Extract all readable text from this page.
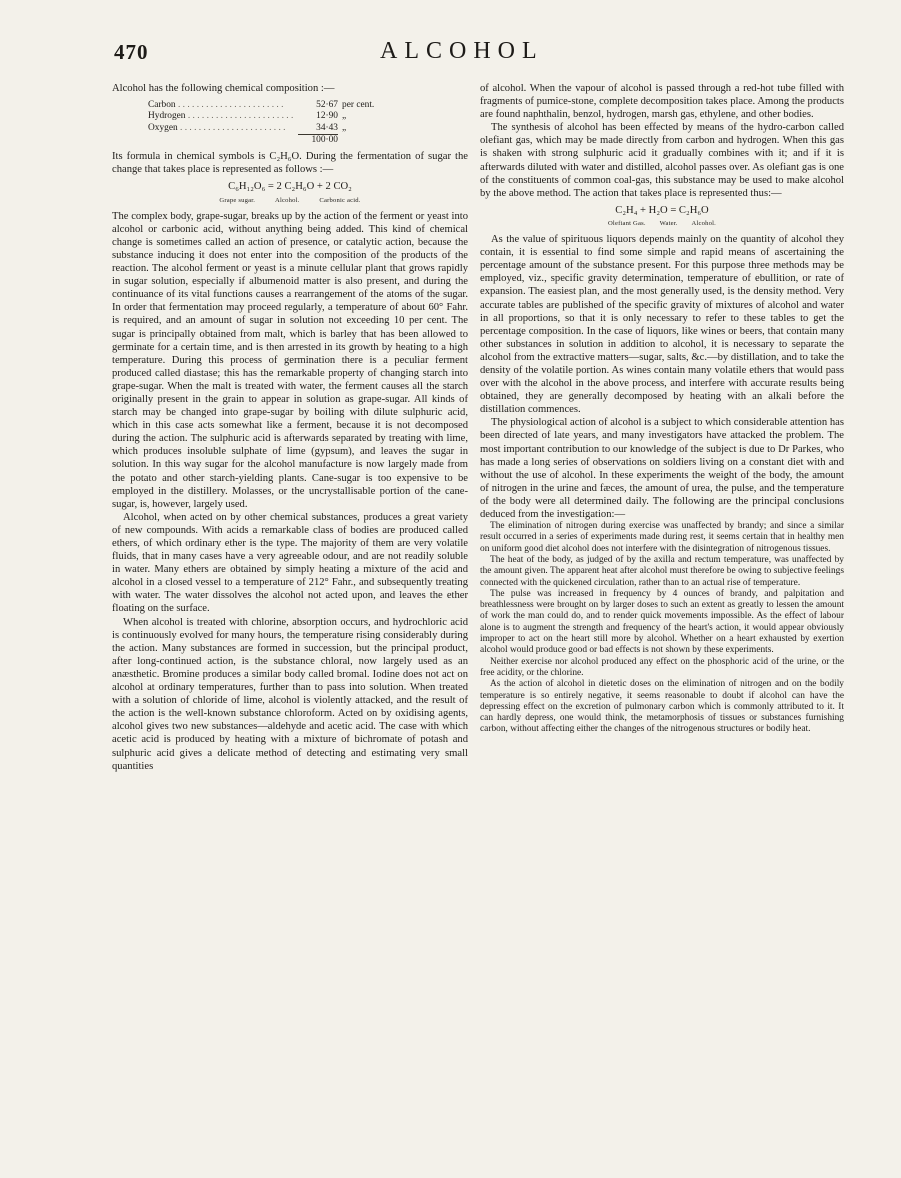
470	ALCOHOL

Alcohol has the following chemical composition :—

Carbon . . .	52·67 per cent.
Hydrogen . . .	12·90 „
Oxygen . . .	34·43 „
100·00

Its formula in chemical symbols is C₂H₆O. During the fermentation of sugar the change that takes place is represented as follows :—

C₆H₁₂O₆ = 2 C₂H₆O + 2 CO₂
Grape sugar.	Alcohol.	Carbonic acid.

The complex body, grape-sugar, breaks up by the action of the ferment or yeast into alcohol or carbonic acid, without anything being added. This kind of chemical change is sometimes called an action of presence, or catalytic action, because the substance inducing it does not enter into the composition of the products of the reaction. The alcohol ferment or yeast is a minute cellular plant that grows rapidly in sugar solution, especially if albumenoid matter is also present, and during the continuance of its vital functions causes a rearrangement of the atoms of the sugar. In order that fermentation may proceed regularly, a temperature of about 60° Fahr. is required, and an amount of sugar in solution not exceeding 10 per cent. The sugar is principally obtained from malt, which is barley that has been allowed to germinate for a certain time, and is then arrested in its growth by heating to a high temperature. During this process of germination there is a peculiar ferment produced called diastase; this has the remarkable property of changing starch into grape-sugar. When the malt is treated with water, the ferment causes all the starch originally present in the grain to appear in solution as grape-sugar. All kinds of starch may be changed into grape-sugar by boiling with dilute sulphuric acid, which in this case acts somewhat like a ferment, because it is not decomposed during the action. The sulphuric acid is afterwards separated by treating with lime, which produces insoluble sulphate of lime (gypsum), and leaves the sugar in solution. In this way sugar for the alcohol manufacture is now largely made from the potato and other starch-yielding plants. Cane-sugar is too expensive to be employed in the distillery. Molasses, or the uncrystallisable portion of the cane-sugar, is, however, largely used.

Alcohol, when acted on by other chemical substances, produces a great variety of new compounds. With acids a remarkable class of bodies are produced called ethers, of which ordinary ether is the type. The majority of them are very volatile fluids, that in many cases have a very agreeable odour, and are not readily soluble in water. Many ethers are obtained by simply heating a mixture of the acid and alcohol in a closed vessel to a temperature of 212° Fahr., and subsequently treating with water. The water dissolves the alcohol not acted upon, and leaves the ether floating on the surface.

When alcohol is treated with chlorine, absorption occurs, and hydrochloric acid is continuously evolved for many hours, the temperature rising considerably during the action. Many substances are formed in succession, but the principal product, after long-continued action, is the substance chloral, now largely used as an anæsthetic. Bromine produces a similar body called bromal. Iodine does not act on alcohol at ordinary temperatures, further than to pass into solution. When treated with a solution of chloride of lime, alcohol is violently attacked, and the result of the action is the well-known substance chloroform. Acted on by oxidising agents, alcohol gives two new substances—aldehyde and acetic acid. The case with which acetic acid is produced by heating with a mixture of bichromate of potash and sulphuric acid gives a delicate method of detecting and estimating very small quantities

of alcohol. When the vapour of alcohol is passed through a red-hot tube filled with fragments of pumice-stone, complete decomposition takes place. Among the products are found naphthalin, benzol, hydrogen, marsh gas, ethylene, and other bodies.

The synthesis of alcohol has been effected by means of the hydro-carbon called olefiant gas, which may be made directly from carbon and hydrogen. When this gas is shaken with strong sulphuric acid it gradually combines with it; and if it is afterwards diluted with water and distilled, alcohol passes over. As olefiant gas is one of the constituents of common coal-gas, this substance may be used to make alcohol by the above method. The action that takes place is represented thus:—

C₂H₄ + H₂O = C₂H₆O
Olefiant Gas. Water. Alcohol.

As the value of spirituous liquors depends mainly on the quantity of alcohol they contain, it is essential to find some simple and rapid means of ascertaining the percentage amount of the substance present. For this purpose three methods may be employed, viz., specific gravity determination, temperature of ebullition, or rate of expansion. The easiest plan, and the most generally used, is the density method. Very accurate tables are published of the specific gravity of mixtures of alcohol and water in all proportions, so that it is only necessary to refer to these tables to get the percentage composition. In the case of liquors, like wines or beers, that contain many other substances in solution in addition to alcohol, it is necessary to separate the alcohol from the extractive matters—sugar, salts, &c.—by distillation, and to take the density of the volatile portion. As wines contain many volatile ethers that would pass over with the alcohol in the above process, and interfere with accurate results being obtained, they are generally decomposed by heating with an alkali before the distillation commences.

The physiological action of alcohol is a subject to which considerable attention has been directed of late years, and many investigators have attacked the problem. The most important contribution to our knowledge of the subject is due to Dr Parkes, who has made a long series of observations on soldiers living on a constant diet with and without the use of alcohol. In these experiments the weight of the body, the amount of nitrogen in the urine and fæces, the amount of urea, the pulse, and the temperature of the body were all determined daily. The following are the principal conclusions deduced from the investigation:—

The elimination of nitrogen during exercise was unaffected by brandy; and since a similar result occurred in a series of experiments made during rest, it seems certain that in healthy men on uniform good diet alcohol does not interfere with the disintegration of nitrogenous tissues.

The heat of the body, as judged of by the axilla and rectum temperature, was unaffected by the amount given. The apparent heat after alcohol must therefore be owing to subjective feelings connected with the quickened circulation, rather than to an actual rise of temperature.

The pulse was increased in frequency by 4 ounces of brandy, and palpitation and breathlessness were brought on by larger doses to such an extent as greatly to lessen the amount of work the man could do, and to render quick movements impossible. As the effect of labour alone is to augment the strength and frequency of the heart's action, it would appear obviously improper to act on the heart still more by alcohol. Whether on a heart exhausted by exertion alcohol would produce good or bad effects is not shown by these experiments.

Neither exercise nor alcohol produced any effect on the phosphoric acid of the urine, or the free acidity, or the chlorine.

As the action of alcohol in dietetic doses on the elimination of nitrogen and on the bodily temperature is so entirely negative, it seems reasonable to doubt if alcohol can have the depressing effect on the excretion of pulmonary carbon which is commonly attributed to it. It can hardly depress, one would think, the metamorphosis of tissues or substances furnishing carbon, without affecting either the changes of the nitrogenous structures or bodily heat.
